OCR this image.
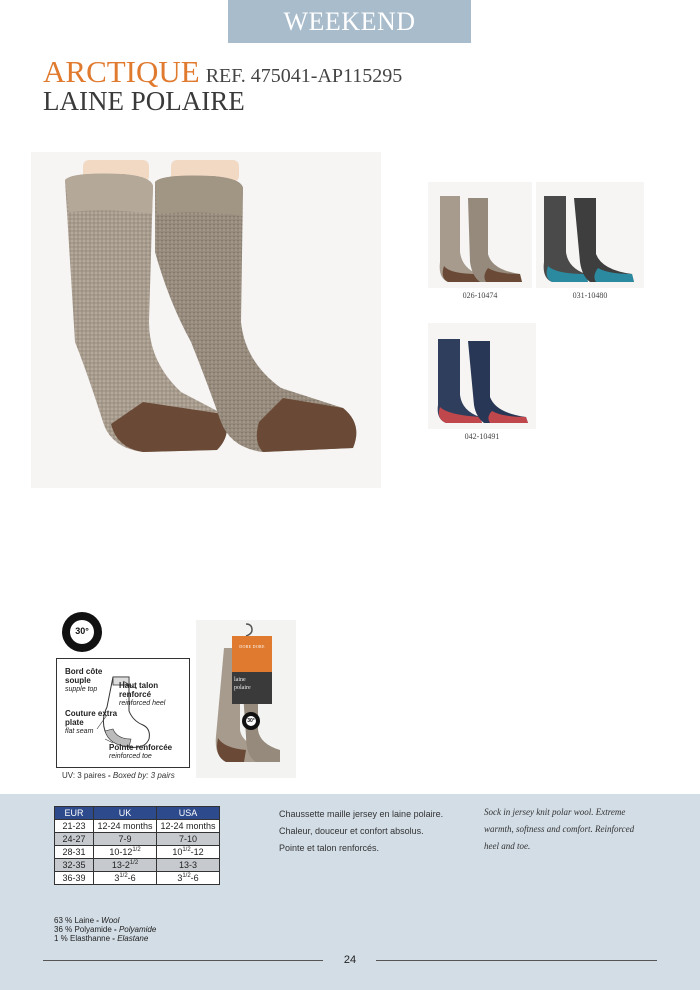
WEEKEND
ARCTIQUE REF. 475041-AP115295
LAINE POLAIRE
026-10474	031-10480
042-10491
30°
Bord côte souple
supple top	Haut talon renforcé
reinforced heel
Couture extra plate
flat seam
Pointe renforcée
reinforced toe
UV: 3 paires - Boxed by: 3 pairs
DORE DORE
laine
polaire
30°
EUR	UK	USA
21-23	12-24 months	12-24 months
24-27	7-9	7-10
28-31	$10-12^{1/2}$	$10^{1/2}-12$
32-35	$13-2^{1/2}$	13-3
36-39	$3^{1/2}-6$	$3^{1/2}-6$
Chaussette maille jersey en laine polaire.
Chaleur, douceur et confort absolus.
Pointe et talon renforcés.
Sock in jersey knit polar wool. Extreme
warmth, softness and comfort. Reinforced
heel and toe.
63 % Laine - Wool
36 % Polyamide - Polyamide
1 % Elasthanne - Elastane
24
